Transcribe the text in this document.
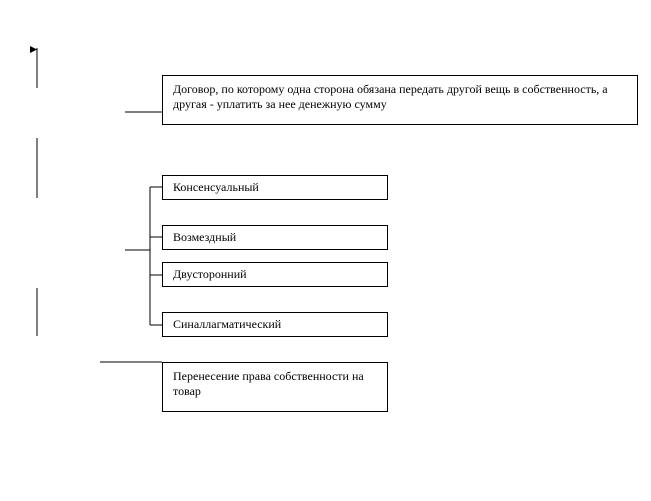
Договор, по которому одна сторона обязана передать другой вещь в собственность, а другая - уплатить за нее денежную сумму
Консенсуальный
Возмездный
Двусторонний
Синаллагматический
Перенесение права собственности на товар
